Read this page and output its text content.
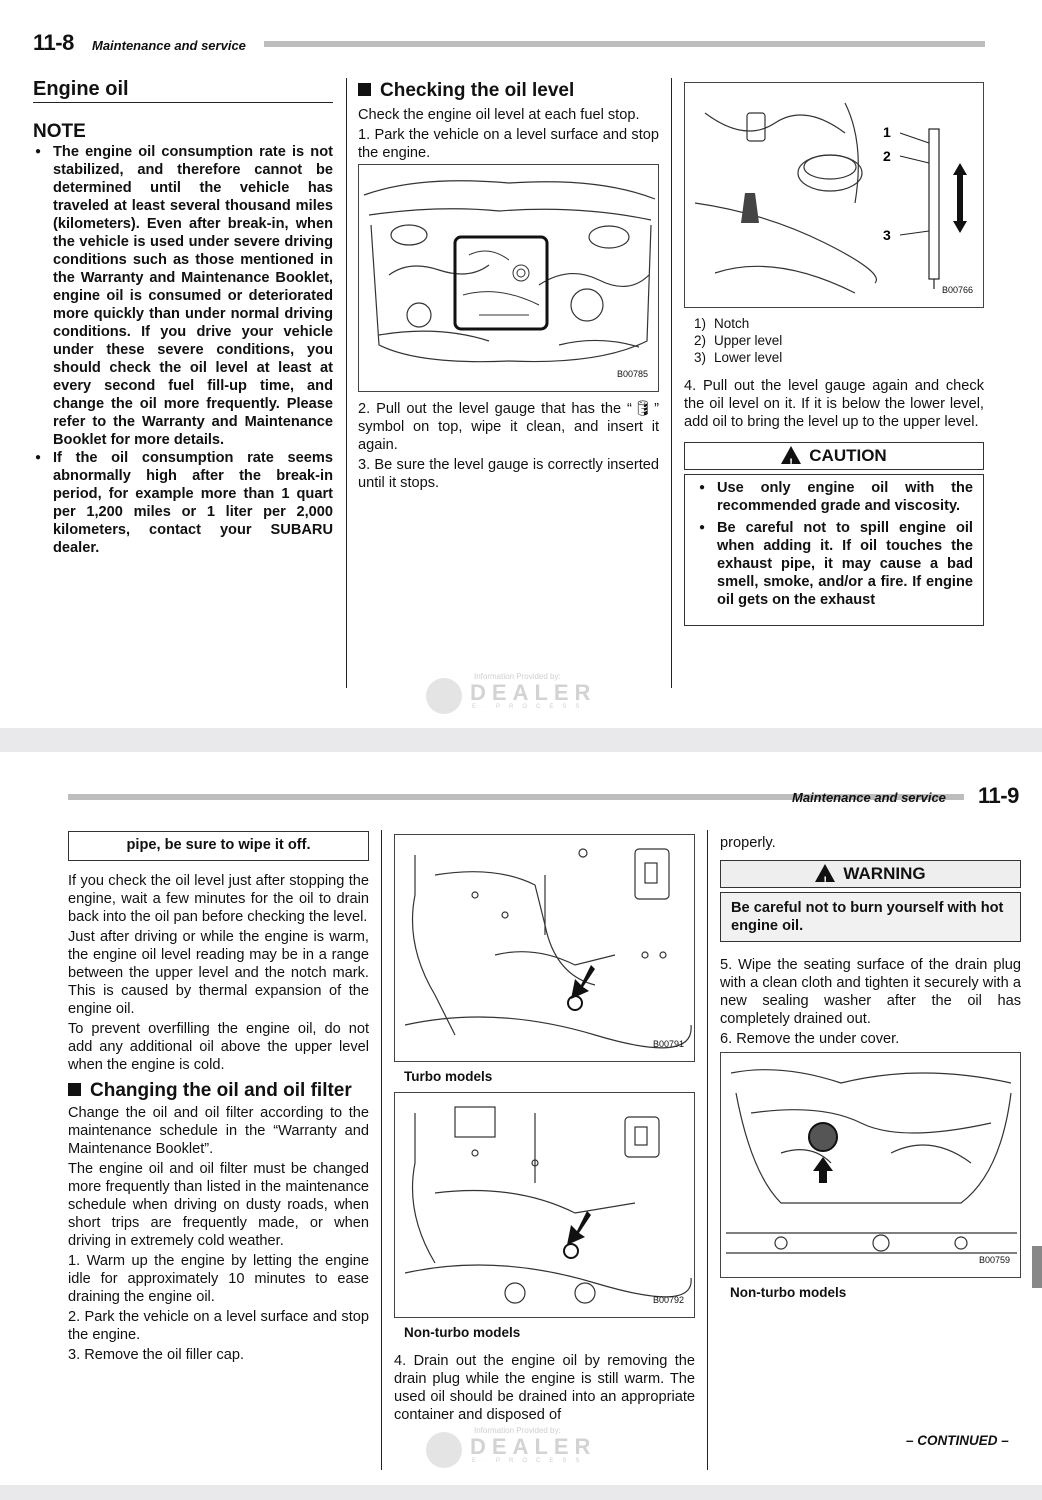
11-8 Maintenance and service
Engine oil
NOTE
● The engine oil consumption rate is not stabilized, and therefore cannot be determined until the vehicle has traveled at least several thousand miles (kilometers). Even after break-in, when the vehicle is used under severe driving conditions such as those mentioned in the Warranty and Maintenance Booklet, engine oil is consumed or deteriorated more quickly than under normal driving conditions. If you drive your vehicle under these severe conditions, you should check the oil level at least at every second fuel fill-up time, and change the oil more frequently. Please refer to the Warranty and Maintenance Booklet for more details.
● If the oil consumption rate seems abnormally high after the break-in period, for example more than 1 quart per 1,200 miles or 1 liter per 2,000 kilometers, contact your SUBARU dealer.
Checking the oil level

Check the engine oil level at each fuel stop.

1. Park the vehicle on a level surface and stop the engine.

B00785

2. Pull out the level gauge that has the “🛢” symbol on top, wipe it clean, and insert it again.

3. Be sure the level gauge is correctly inserted until it stops.

1
2
3
B00766
1) Notch
2) Upper level
3) Lower level

4. Pull out the level gauge again and check the oil level on it. If it is below the lower level, add oil to bring the level up to the upper level.

! CAUTION
● Use only engine oil with the recommended grade and viscosity.
● Be careful not to spill engine oil when adding it. If oil touches the exhaust pipe, it may cause a bad smell, smoke, and/or a fire. If engine oil gets on the exhaust
Information Provided by:
DEALER
E·PROCESS
Maintenance and service 11-9
pipe, be sure to wipe it off.

If you check the oil level just after stopping the engine, wait a few minutes for the oil to drain back into the oil pan before checking the level.

Just after driving or while the engine is warm, the engine oil level reading may be in a range between the upper level and the notch mark. This is caused by thermal expansion of the engine oil.

To prevent overfilling the engine oil, do not add any additional oil above the upper level when the engine is cold.

Changing the oil and oil filter

Change the oil and oil filter according to the maintenance schedule in the “Warranty and Maintenance Booklet”.

The engine oil and oil filter must be changed more frequently than listed in the maintenance schedule when driving on dusty roads, when short trips are frequently made, or when driving in extremely cold weather.

1. Warm up the engine by letting the engine idle for approximately 10 minutes to ease draining the engine oil.

2. Park the vehicle on a level surface and stop the engine.

3. Remove the oil filler cap.

B00791
Turbo models
B00792
Non-turbo models

4. Drain out the engine oil by removing the drain plug while the engine is still warm. The used oil should be drained into an appropriate container and disposed of

properly.

! WARNING
Be careful not to burn yourself with hot engine oil.

5. Wipe the seating surface of the drain plug with a clean cloth and tighten it securely with a new sealing washer after the oil has completely drained out.

6. Remove the under cover.

B00759
Non-turbo models
– CONTINUED –
Information Provided by:
DEALER
E·PROCESS
